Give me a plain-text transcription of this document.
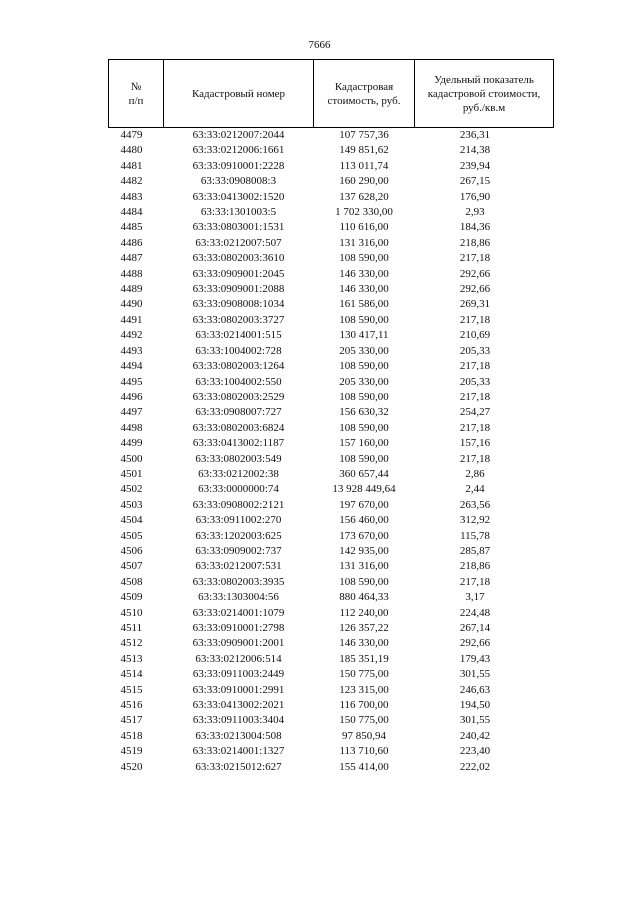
7666
№
п/п	Кадастровый номер	Кадастровая стоимость, руб.	Удельный показатель кадастровой стоимости, руб./кв.м
4479	63:33:0212007:2044	107 757,36	236,31
4480	63:33:0212006:1661	149 851,62	214,38
4481	63:33:0910001:2228	113 011,74	239,94
4482	63:33:0908008:3	160 290,00	267,15
4483	63:33:0413002:1520	137 628,20	176,90
4484	63:33:1301003:5	1 702 330,00	2,93
4485	63:33:0803001:1531	110 616,00	184,36
4486	63:33:0212007:507	131 316,00	218,86
4487	63:33:0802003:3610	108 590,00	217,18
4488	63:33:0909001:2045	146 330,00	292,66
4489	63:33:0909001:2088	146 330,00	292,66
4490	63:33:0908008:1034	161 586,00	269,31
4491	63:33:0802003:3727	108 590,00	217,18
4492	63:33:0214001:515	130 417,11	210,69
4493	63:33:1004002:728	205 330,00	205,33
4494	63:33:0802003:1264	108 590,00	217,18
4495	63:33:1004002:550	205 330,00	205,33
4496	63:33:0802003:2529	108 590,00	217,18
4497	63:33:0908007:727	156 630,32	254,27
4498	63:33:0802003:6824	108 590,00	217,18
4499	63:33:0413002:1187	157 160,00	157,16
4500	63:33:0802003:549	108 590,00	217,18
4501	63:33:0212002:38	360 657,44	2,86
4502	63:33:0000000:74	13 928 449,64	2,44
4503	63:33:0908002:2121	197 670,00	263,56
4504	63:33:0911002:270	156 460,00	312,92
4505	63:33:1202003:625	173 670,00	115,78
4506	63:33:0909002:737	142 935,00	285,87
4507	63:33:0212007:531	131 316,00	218,86
4508	63:33:0802003:3935	108 590,00	217,18
4509	63:33:1303004:56	880 464,33	3,17
4510	63:33:0214001:1079	112 240,00	224,48
4511	63:33:0910001:2798	126 357,22	267,14
4512	63:33:0909001:2001	146 330,00	292,66
4513	63:33:0212006:514	185 351,19	179,43
4514	63:33:0911003:2449	150 775,00	301,55
4515	63:33:0910001:2991	123 315,00	246,63
4516	63:33:0413002:2021	116 700,00	194,50
4517	63:33:0911003:3404	150 775,00	301,55
4518	63:33:0213004:508	97 850,94	240,42
4519	63:33:0214001:1327	113 710,60	223,40
4520	63:33:0215012:627	155 414,00	222,02
